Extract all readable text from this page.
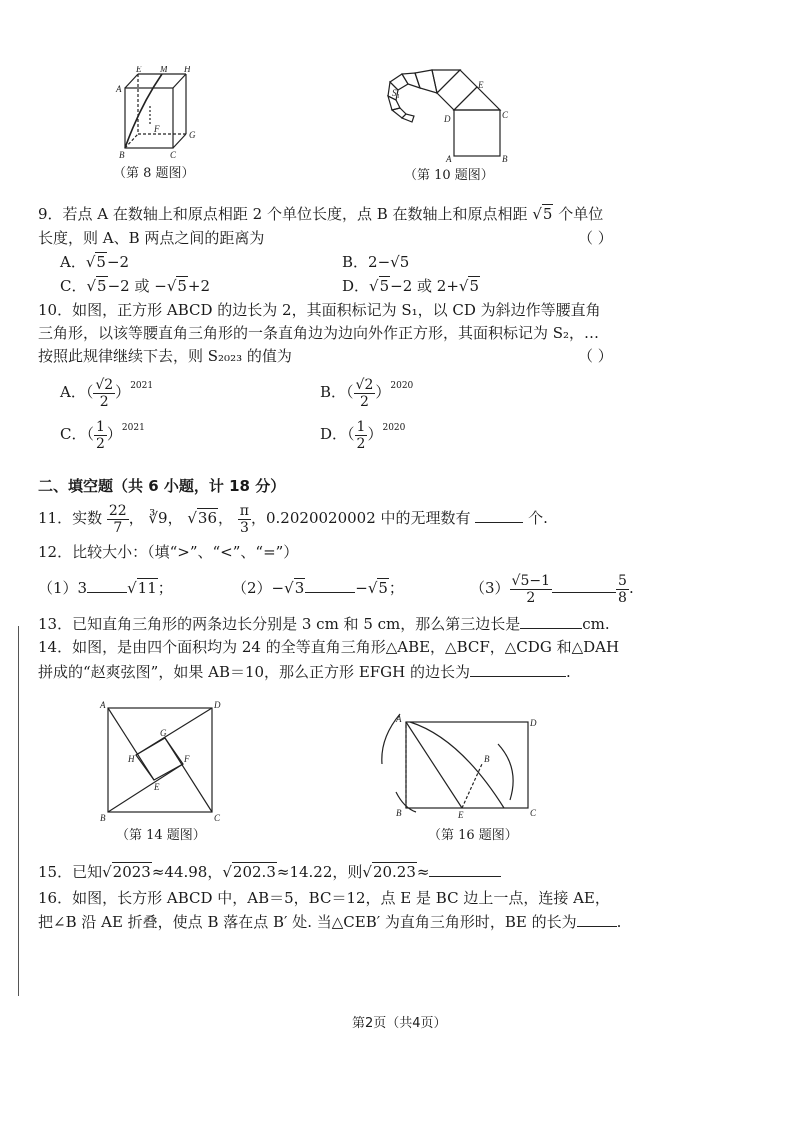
E M H
A
G
F
B	C
（第 8 题图）
E
D	C
A	B
S₁
（第 10 题图）
9．若点 A 在数轴上和原点相距 2 个单位长度，点 B 在数轴上和原点相距 √5 个单位
长度，则 A、B 两点之间的距离为	（ ）
A．√5−2	B．2−√5
C．√5−2 或 −√5+2	D．√5−2 或 2+√5
10．如图，正方形 ABCD 的边长为 2，其面积标记为 S₁，以 CD 为斜边作等腰直角
三角形，以该等腰直角三角形的一条直角边为边向外作正方形，其面积标记为 S₂，…
按照此规律继续下去，则 S₂₀₂₃ 的值为	（ ）
A．（ $\frac{√2}{2} )^{2021}$	B．（ $\frac{√2}{2} )^{2020}$
C．（ $\frac{1}{2} )^{2021}$	D．（ $\frac{1}{2} )^{2020}$
二、填空题（共 6 小题，计 18 分）
11．实数 $\frac{22}{7}$ ， ∛9， √36， $\frac{\pi}{3}$ ，0.2020020002 中的无理数有	个.
12．比较大小：（填“>”、“<”、“=”）
（1）3	√11；	（2）−√3	−√5；	$(3) \frac{√5-1}{2}$	$\frac{5}{8}$ .
13．已知直角三角形的两条边长分别是 3 cm 和 5 cm，那么第三边长是	cm.
14．如图，是由四个面积均为 24 的全等直角三角形△ABE，△BCF，△CDG 和△DAH
拼成的“赵爽弦图”，如果 AB＝10，那么正方形 EFGH 的边长为	.
A	D
G
H	F
E
B	C
（第 14 题图）
A	D
B
B	E	C
（第 16 题图）
15．已知√2023≈44.98，√202.3≈14.22，则√20.23≈
16．如图，长方形 ABCD 中，AB＝5，BC＝12，点 E 是 BC 边上一点，连接 AE，
把∠B 沿 AE 折叠，使点 B 落在点 B′ 处. 当△CEB′ 为直角三角形时，BE 的长为	.
第2页（共4页）
